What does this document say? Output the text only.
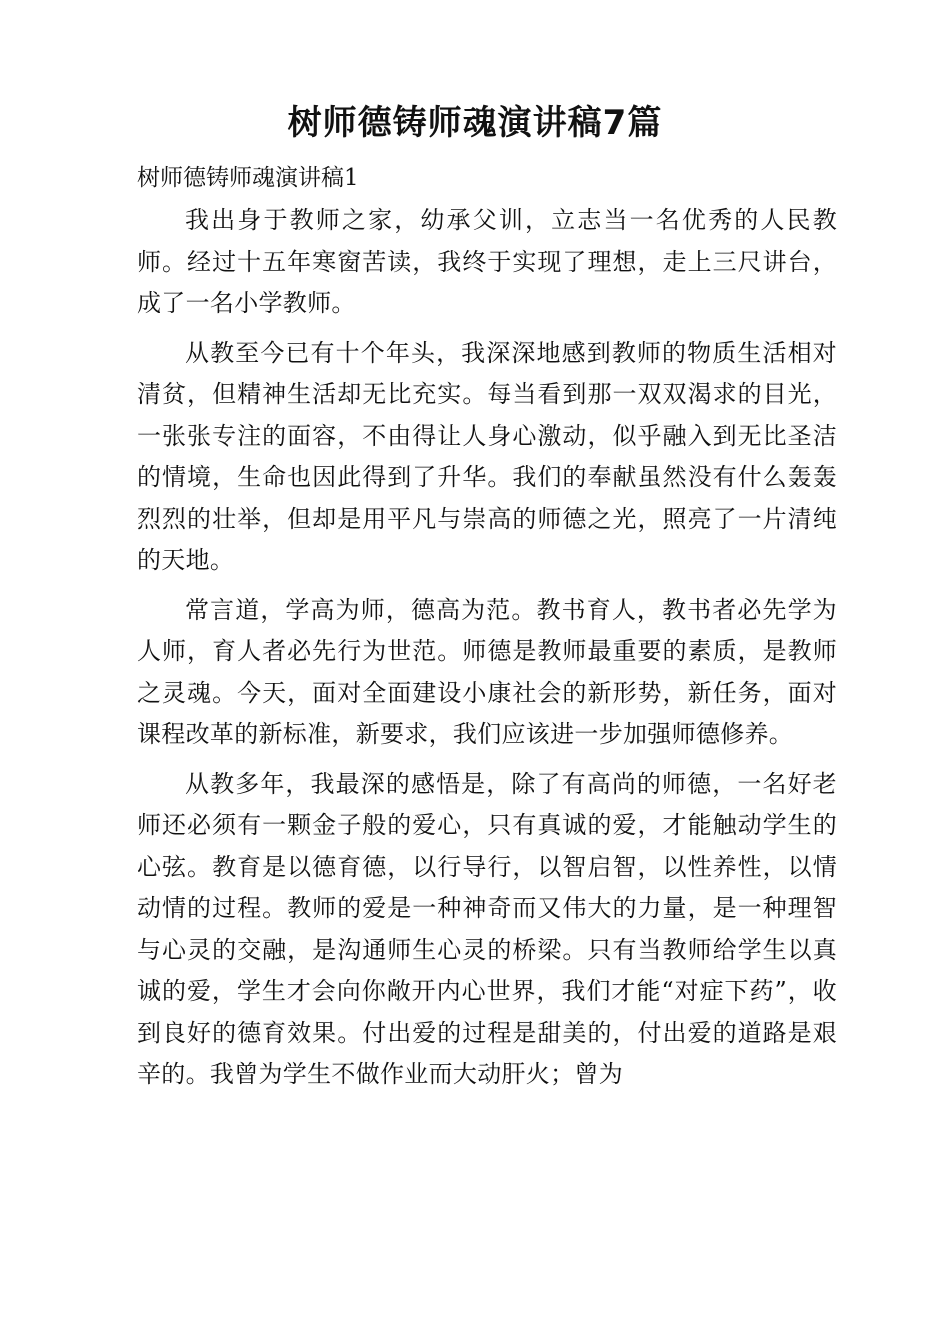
树师德铸师魂演讲稿7篇

树师德铸师魂演讲稿1

我出身于教师之家，幼承父训，立志当一名优秀的人民教师。经过十五年寒窗苦读，我终于实现了理想，走上三尺讲台，成了一名小学教师。

从教至今已有十个年头，我深深地感到教师的物质生活相对清贫，但精神生活却无比充实。每当看到那一双双渴求的目光，一张张专注的面容，不由得让人身心激动，似乎融入到无比圣洁的情境，生命也因此得到了升华。我们的奉献虽然没有什么轰轰烈烈的壮举，但却是用平凡与崇高的师德之光，照亮了一片清纯的天地。

常言道，学高为师，德高为范。教书育人，教书者必先学为人师，育人者必先行为世范。师德是教师最重要的素质，是教师之灵魂。今天，面对全面建设小康社会的新形势，新任务，面对课程改革的新标准，新要求，我们应该进一步加强师德修养。

从教多年，我最深的感悟是，除了有高尚的师德，一名好老师还必须有一颗金子般的爱心，只有真诚的爱，才能触动学生的心弦。教育是以德育德，以行导行，以智启智，以性养性，以情动情的过程。教师的爱是一种神奇而又伟大的力量，是一种理智与心灵的交融，是沟通师生心灵的桥梁。只有当教师给学生以真诚的爱，学生才会向你敞开内心世界，我们才能“对症下药”，收到良好的德育效果。付出爱的过程是甜美的，付出爱的道路是艰辛的。我曾为学生不做作业而大动肝火；曾为
